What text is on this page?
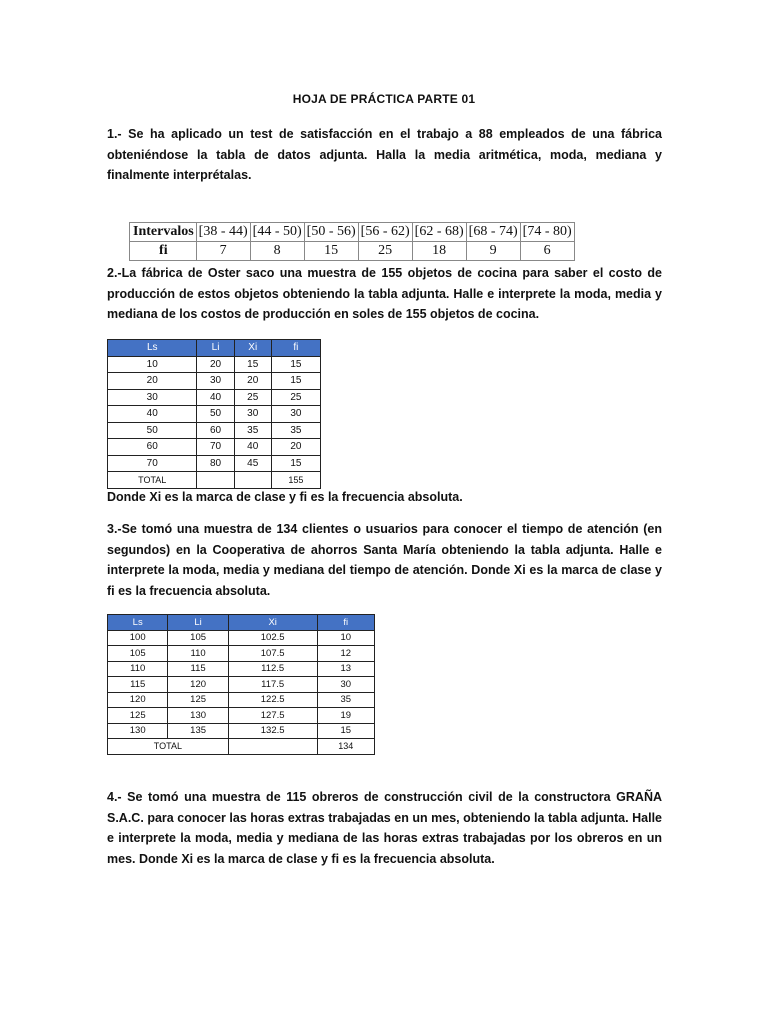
HOJA DE PRÁCTICA PARTE 01
1.- Se ha aplicado un test de satisfacción en el trabajo a 88 empleados de una fábrica obteniéndose la tabla de datos adjunta. Halla la media aritmética, moda, mediana y finalmente interprétalas.
Intervalos	[38 - 44)	[44 - 50)	[50 - 56)	[56 - 62)	[62 - 68)	[68 - 74)	[74 - 80)
fi	7	8	15	25	18	9	6
2.-La fábrica de Oster saco una muestra de 155 objetos de cocina para saber el costo de producción de estos objetos obteniendo la tabla adjunta. Halle e interprete la moda, media y mediana de los costos de producción en soles de 155 objetos de cocina.
Ls	Li	Xi	fi
10	20	15	15
20	30	20	15
30	40	25	25
40	50	30	30
50	60	35	35
60	70	40	20
70	80	45	15
TOTAL			155
Donde Xi es la marca de clase y fi es la frecuencia absoluta.
3.-Se tomó una muestra de 134 clientes o usuarios para conocer el tiempo de atención (en segundos) en la Cooperativa de ahorros Santa María obteniendo la tabla adjunta. Halle e interprete la moda, media y mediana del tiempo de atención. Donde Xi es la marca de clase y fi es la frecuencia absoluta.
Ls	Li	Xi	fi
100	105	102.5	10
105	110	107.5	12
110	115	112.5	13
115	120	117.5	30
120	125	122.5	35
125	130	127.5	19
130	135	132.5	15
TOTAL			134
4.- Se tomó una muestra de 115 obreros de construcción civil de la constructora GRAÑA S.A.C. para conocer las horas extras trabajadas en un mes, obteniendo la tabla adjunta. Halle e interprete la moda, media y mediana de las horas extras trabajadas por los obreros en un mes. Donde Xi es la marca de clase y fi es la frecuencia absoluta.
